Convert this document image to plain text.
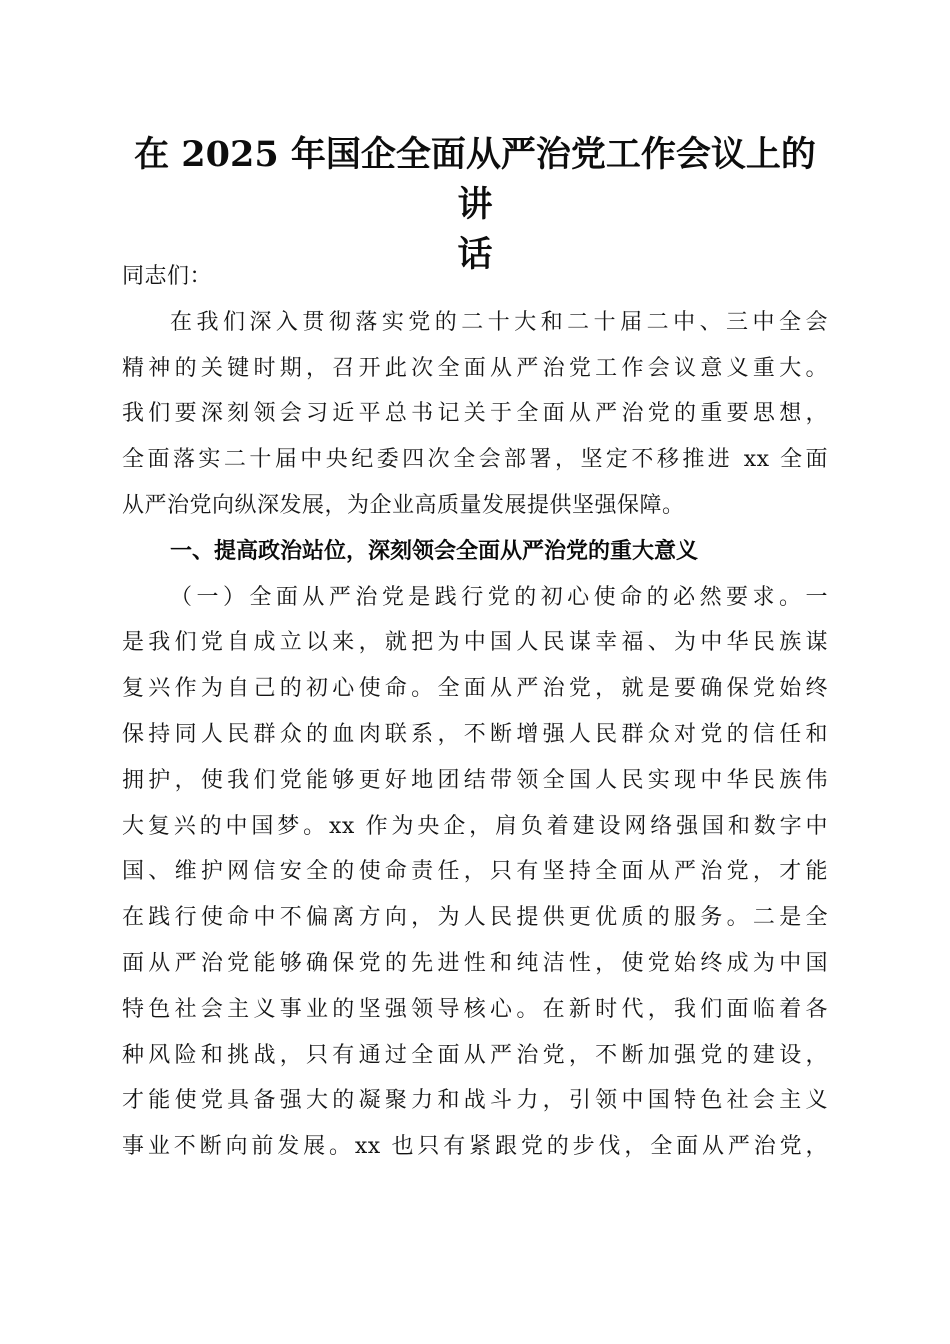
在 2025 年国企全面从严治党工作会议上的讲
话
同志们：
在我们深入贯彻落实党的二十大和二十届二中、三中全会
精神的关键时期，召开此次全面从严治党工作会议意义重大。
我们要深刻领会习近平总书记关于全面从严治党的重要思想，
全面落实二十届中央纪委四次全会部署，坚定不移推进 xx 全面
从严治党向纵深发展，为企业高质量发展提供坚强保障。
一、提高政治站位，深刻领会全面从严治党的重大意义
（一）全面从严治党是践行党的初心使命的必然要求。一
是我们党自成立以来，就把为中国人民谋幸福、为中华民族谋
复兴作为自己的初心使命。全面从严治党，就是要确保党始终
保持同人民群众的血肉联系，不断增强人民群众对党的信任和
拥护，使我们党能够更好地团结带领全国人民实现中华民族伟
大复兴的中国梦。xx 作为央企，肩负着建设网络强国和数字中
国、维护网信安全的使命责任，只有坚持全面从严治党，才能
在践行使命中不偏离方向，为人民提供更优质的服务。二是全
面从严治党能够确保党的先进性和纯洁性，使党始终成为中国
特色社会主义事业的坚强领导核心。在新时代，我们面临着各
种风险和挑战，只有通过全面从严治党，不断加强党的建设，
才能使党具备强大的凝聚力和战斗力，引领中国特色社会主义
事业不断向前发展。xx 也只有紧跟党的步伐，全面从严治党，
